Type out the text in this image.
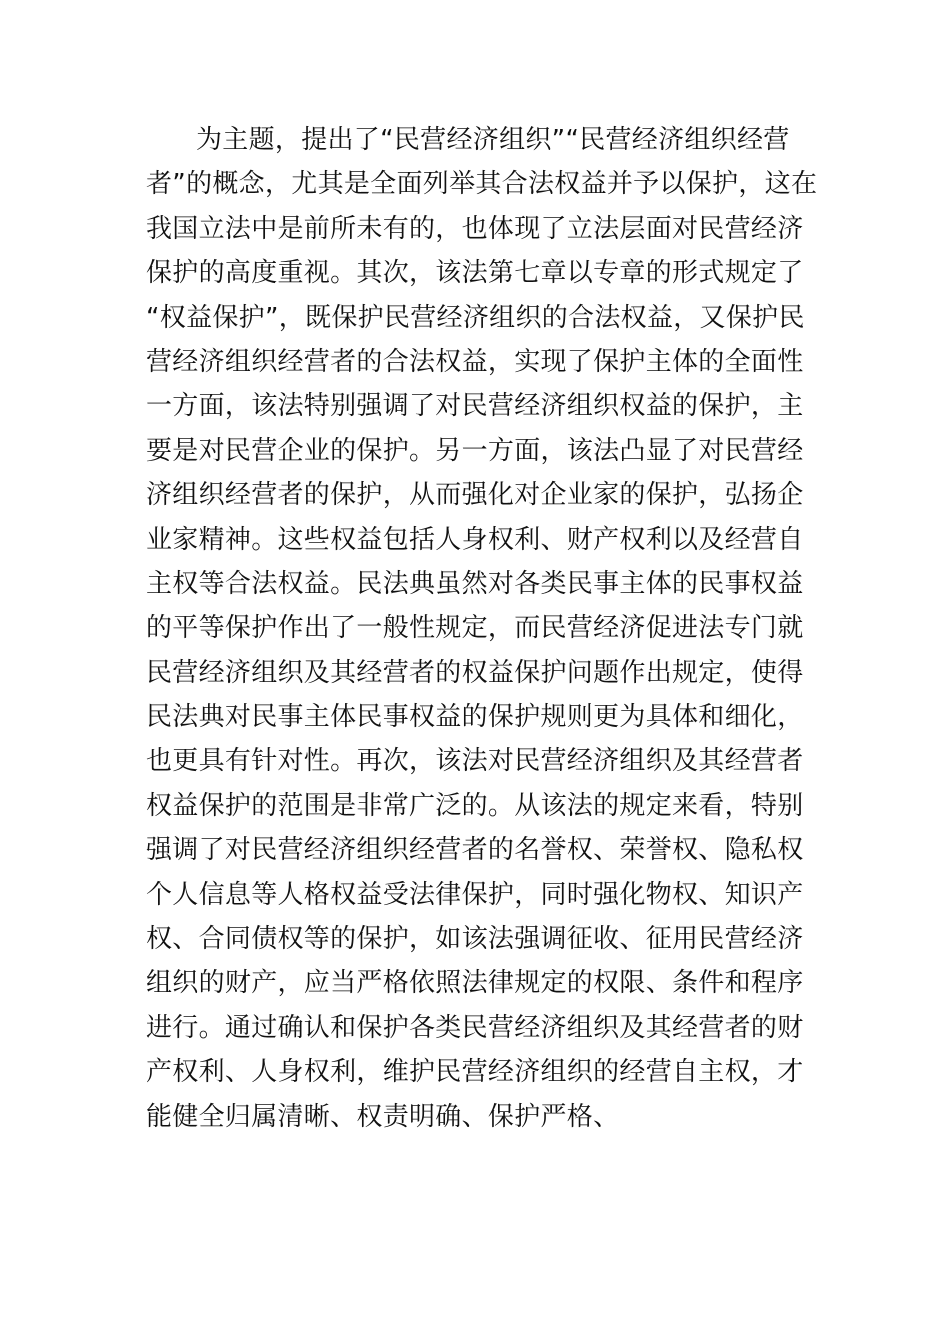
为主题，提出了“民营经济组织”“民营经济组织经营
者”的概念，尤其是全面列举其合法权益并予以保护，这在
我国立法中是前所未有的，也体现了立法层面对民营经济
保护的高度重视。其次，该法第七章以专章的形式规定了
“权益保护”，既保护民营经济组织的合法权益，又保护民
营经济组织经营者的合法权益，实现了保护主体的全面性
一方面，该法特别强调了对民营经济组织权益的保护，主
要是对民营企业的保护。另一方面，该法凸显了对民营经
济组织经营者的保护，从而强化对企业家的保护，弘扬企
业家精神。这些权益包括人身权利、财产权利以及经营自
主权等合法权益。民法典虽然对各类民事主体的民事权益
的平等保护作出了一般性规定，而民营经济促进法专门就
民营经济组织及其经营者的权益保护问题作出规定，使得
民法典对民事主体民事权益的保护规则更为具体和细化，
也更具有针对性。再次，该法对民营经济组织及其经营者
权益保护的范围是非常广泛的。从该法的规定来看，特别
强调了对民营经济组织经营者的名誉权、荣誉权、隐私权
个人信息等人格权益受法律保护，同时强化物权、知识产
权、合同债权等的保护，如该法强调征收、征用民营经济
组织的财产，应当严格依照法律规定的权限、条件和程序
进行。通过确认和保护各类民营经济组织及其经营者的财
产权利、人身权利，维护民营经济组织的经营自主权，才
能健全归属清晰、权责明确、保护严格、
